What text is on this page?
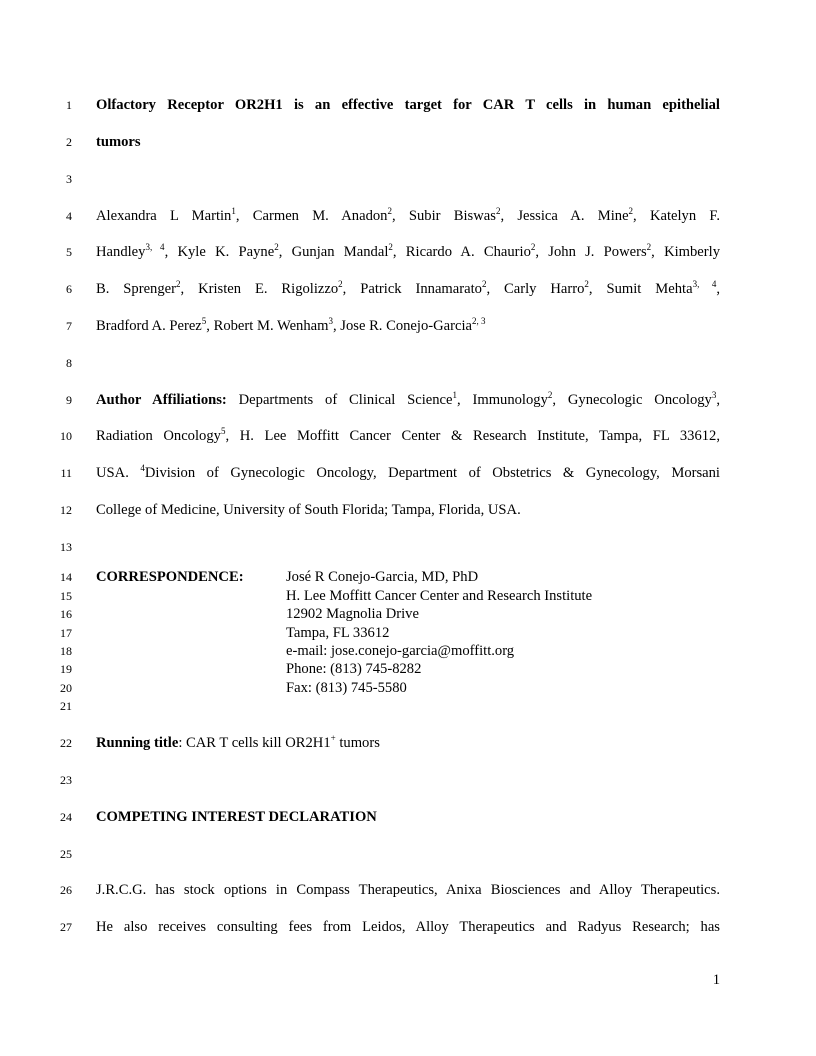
1
2
3
4
5
6
7
8
9
10
11
12
13
14
15
16
17
18
19
20
21
22
23
24
25
26
27
Olfactory Receptor OR2H1 is an effective target for CAR T cells in human epithelial
tumors
Alexandra L Martin$^1$, Carmen M. Anadon$^2$, Subir Biswas$^2$, Jessica A. Mine$^2$, Katelyn F.
Handley$^{3, 4}$, Kyle K. Payne$^2$, Gunjan Mandal$^2$, Ricardo A. Chaurio$^2$, John J. Powers$^2$, Kimberly
B. Sprenger$^2$, Kristen E. Rigolizzo$^2$, Patrick Innamarato$^2$, Carly Harro$^2$, Sumit Mehta$^{3, 4}$,
Bradford A. Perez$^5$, Robert M. Wenham$^3$, Jose R. Conejo-Garcia$^{2, 3}$
Author Affiliations: Departments of Clinical Science$^1$, Immunology$^2$, Gynecologic Oncology$^3$,
Radiation Oncology$^5$, H. Lee Moffitt Cancer Center & Research Institute, Tampa, FL 33612,
USA. $^4$Division of Gynecologic Oncology, Department of Obstetrics & Gynecology, Morsani
College of Medicine, University of South Florida; Tampa, Florida, USA.
CORRESPONDENCE:	José R Conejo-Garcia, MD, PhD
H. Lee Moffitt Cancer Center and Research Institute
12902 Magnolia Drive
Tampa, FL 33612
e-mail: jose.conejo-garcia@moffitt.org
Phone: (813) 745-8282
Fax: (813) 745-5580
Running title: CAR T cells kill OR2H1+ tumors
COMPETING INTEREST DECLARATION
J.R.C.G. has stock options in Compass Therapeutics, Anixa Biosciences and Alloy Therapeutics.
He also receives consulting fees from Leidos, Alloy Therapeutics and Radyus Research; has
1
